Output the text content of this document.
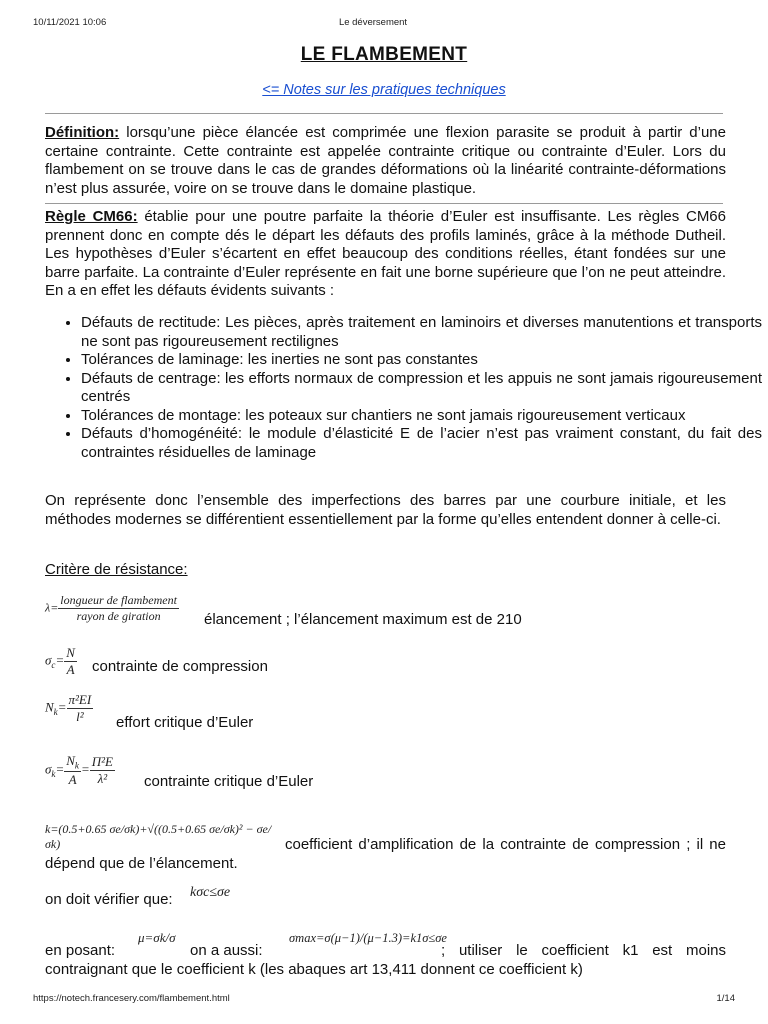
10/11/2021 10:06	Le déversement
LE FLAMBEMENT
<= Notes sur les pratiques techniques

Définition: lorsqu’une pièce élancée est comprimée une flexion parasite se produit à partir d’une certaine contrainte. Cette contrainte est appelée contrainte critique ou contrainte d’Euler. Lors du flambement on se trouve dans le cas de grandes déformations où la linéarité contrainte-déformations n’est plus assurée, voire on se trouve dans le domaine plastique.

Règle CM66: établie pour une poutre parfaite la théorie d’Euler est insuffisante. Les règles CM66 prennent donc en compte dés le départ les défauts des profils laminés, grâce à la méthode Dutheil. Les hypothèses d’Euler s’écartent en effet beaucoup des conditions réelles, étant fondées sur une barre parfaite. La contrainte d’Euler représente en fait une borne supérieure que l’on ne peut atteindre. En a en effet les défauts évidents suivants :

• Défauts de rectitude: Les pièces, après traitement en laminoirs et diverses manutentions et transports ne sont pas rigoureusement rectilignes
• Tolérances de laminage: les inerties ne sont pas constantes
• Défauts de centrage: les efforts normaux de compression et les appuis ne sont jamais rigoureusement centrés
• Tolérances de montage: les poteaux sur chantiers ne sont jamais rigoureusement verticaux
• Défauts d’homogénéité: le module d’élasticité E de l’acier n’est pas vraiment constant, du fait des contraintes résiduelles de laminage

On représente donc l’ensemble des imperfections des barres par une courbure initiale, et les méthodes modernes se différentient essentiellement par la forme qu’elles entendent donner à celle-ci.

Critère de résistance:
$\lambda= \frac{\text{longueur de flambement}}{\text{rayon de giration}}$ élancement ; l’élancement maximum est de 210
$\sigma_c= \frac{N}{A}$ contrainte de compression
$N_k= \frac{\text{π²EI}}{\text{l²}}$ effort critique d’Euler
$\sigma_k= \frac{N_k}{A} = \frac{\text{Π²E}}{\text{λ²}}$ contrainte critique d’Euler
k=(0.5+0.65 σe/σk)+√((0.5+0.65 σe/σk)² − σe/σk)	coefficient d’amplification de la contrainte de compression ; il ne dépend que de l’élancement.
on doit vérifier que: kσc≤σe
en posant:
μ=σk/σ
on a aussi:
σmax=σ(μ−1)/(μ−1.3)=k1σ≤σe
; utiliser le coefficient k1 est moins contraignant que le coefficient k (les abaques art 13,411 donnent ce coefficient k)
https://notech.francesery.com/flambement.html	1/14
